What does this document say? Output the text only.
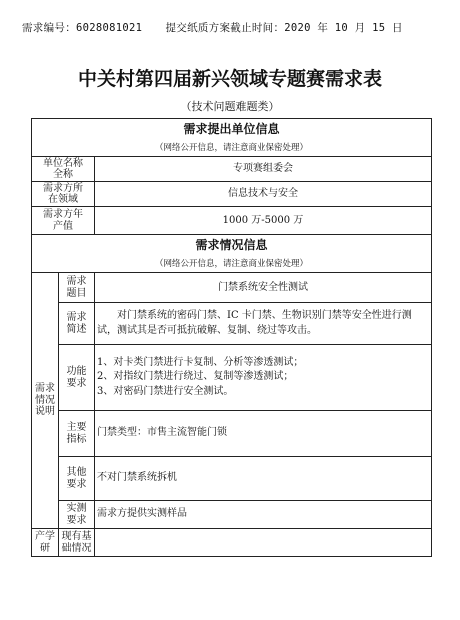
需求编号：6028081021 提交纸质方案截止时间：2020 年 10 月 15 日
中关村第四届新兴领域专题赛需求表
（技术问题难题类）
需求提出单位信息
（网络公开信息，请注意商业保密处理）		

单位名称全称		专项赛组委会
需求方所在领域		信息技术与安全
需求方年产值		1000 万-5000 万

需求情况信息
（网络公开信息，请注意商业保密处理）		

需求情况说明	需求题目	门禁系统安全性测试
	需求简述	对门禁系统的密码门禁、IC 卡门禁、生物识别门禁等安全性进行测试，测试其是否可抵抗破解、复制、绕过等攻击。

	功能要求	1、对卡类门禁进行卡复制、分析等渗透测试；
2、对指纹门禁进行绕过、复制等渗透测试；
3、对密码门禁进行安全测试。

	主要指标	门禁类型：市售主流智能门锁
	其他要求	不对门禁系统拆机
	实测要求	需求方提供实测样品
产学研	现有基础情况	
